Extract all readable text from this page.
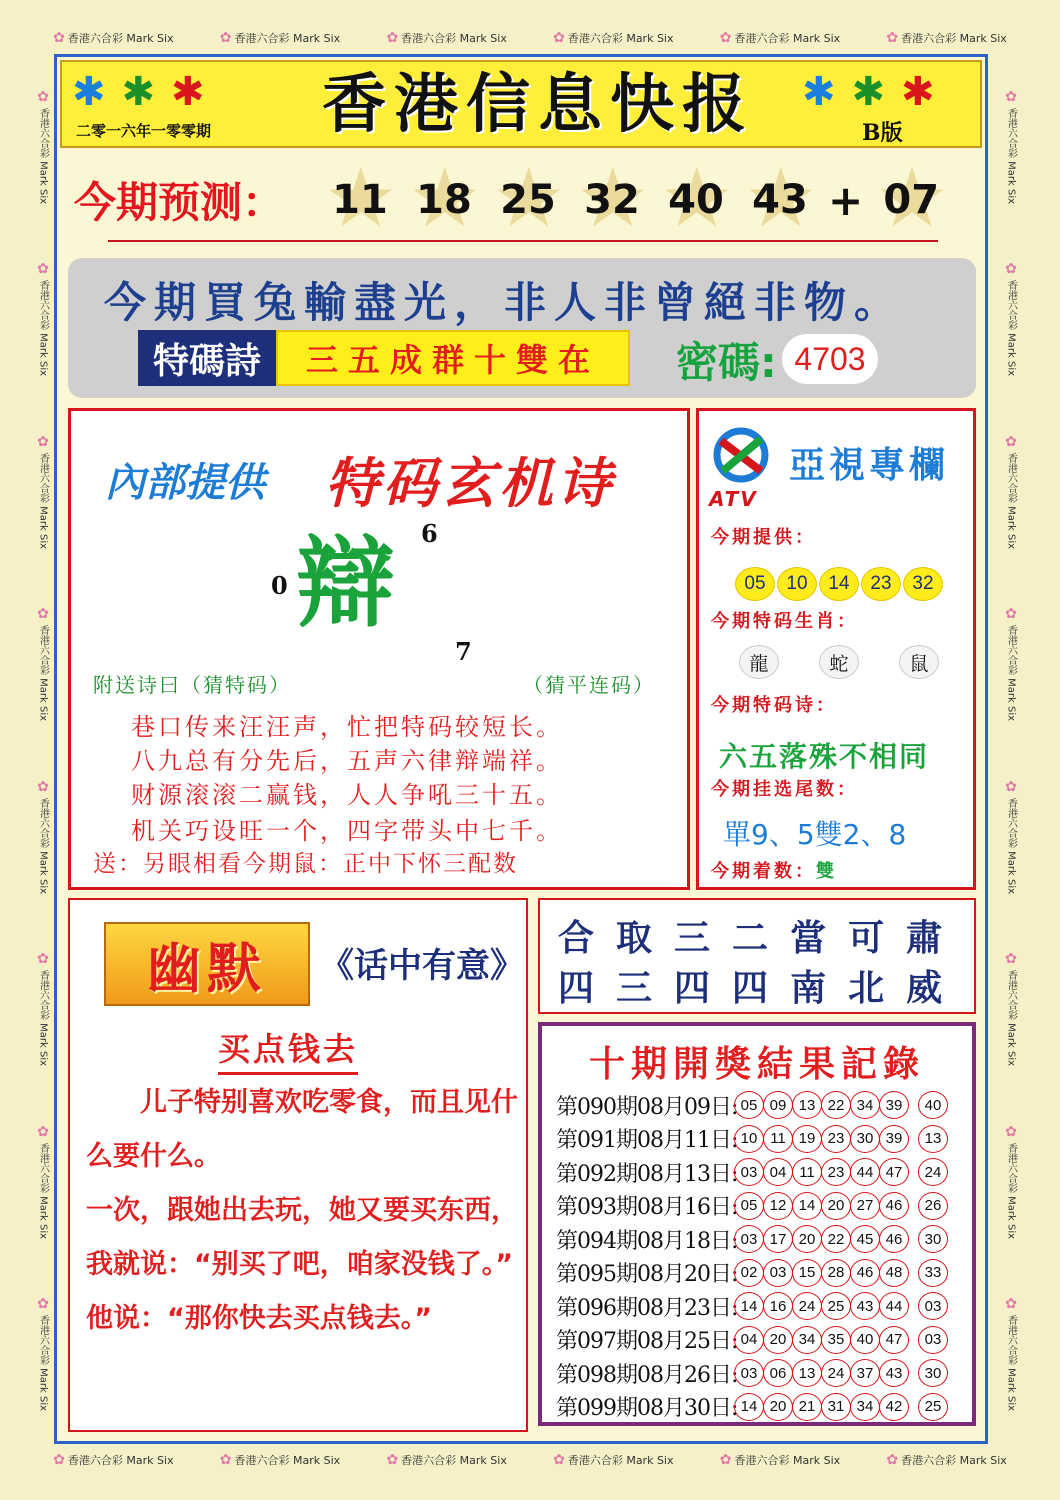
✿ 香港六合彩 Mark Six	✿ 香港六合彩 Mark Six	✿ 香港六合彩 Mark Six	✿ 香港六合彩 Mark Six	✿ 香港六合彩 Mark Six	✿ 香港六合彩 Mark Six
✿ 香港六合彩 Mark Six	✿ 香港六合彩 Mark Six	✿ 香港六合彩 Mark Six	✿ 香港六合彩 Mark Six	✿ 香港六合彩 Mark Six	✿ 香港六合彩 Mark Six
✿
香港六合彩 Mark Six
✿
香港六合彩 Mark Six
✿
香港六合彩 Mark Six
✿
香港六合彩 Mark Six
✿
香港六合彩 Mark Six
✿
香港六合彩 Mark Six
✿
香港六合彩 Mark Six
✿
香港六合彩 Mark Six
✿
香港六合彩 Mark Six
✿
香港六合彩 Mark Six
✿
香港六合彩 Mark Six
✿
香港六合彩 Mark Six
✿
香港六合彩 Mark Six
✿
香港六合彩 Mark Six
✿
香港六合彩 Mark Six
✿
香港六合彩 Mark Six
✱ ✱ ✱
二零一六年一零零期	香港信息快报	✱ ✱ ✱
B版
今期预测： ★ 11 ★ 18 ★ 25 ★ 32 ★ 40 ★ 43 + ★ 07
今期買兔輸盡光，非人非曾絕非物。
特碼詩	三五成群十雙在	密碼: 4703
內部提供 特码玄机诗
6
0 辯
7
附送诗曰（猜特码）	（猜平连码）
巷口传来汪汪声，忙把特码较短长。
八九总有分先后，五声六律辩端祥。
财源滚滚二赢钱，人人争吼三十五。
机关巧设旺一个，四字带头中七千。
送：另眼相看今期鼠：正中下怀三配数
ATV
亞視專欄
今期提供：
05	10	14	23	32
今期特码生肖：
龍	蛇	鼠
今期特码诗：
六五落殊不相同
今期挂选尾数：
單9、5雙2、8
今期着数：雙
幽默	《话中有意》
买点钱去

　　儿子特别喜欢吃零食，而且见什么要什么。

一次，跟她出去玩，她又要买东西，我就说：“别买了吧，咱家没钱了。”

他说：“那你快去买点钱去。”

合 取 三 二 當 可 肅
四 三 四 四 南 北 威
十期開獎結果記錄
第090期08月09日: 05 09 13 22 34 39	40
第091期08月11日: 10 11 19 23 30 39	13
第092期08月13日: 03 04 11 23 44 47	24
第093期08月16日: 05 12 14 20 27 46	26
第094期08月18日: 03 17 20 22 45 46	30
第095期08月20日: 02 03 15 28 46 48	33
第096期08月23日: 14 16 24 25 43 44	03
第097期08月25日: 04 20 34 35 40 47	03
第098期08月26日: 03 06 13 24 37 43	30
第099期08月30日: 14 20 21 31 34 42	25
